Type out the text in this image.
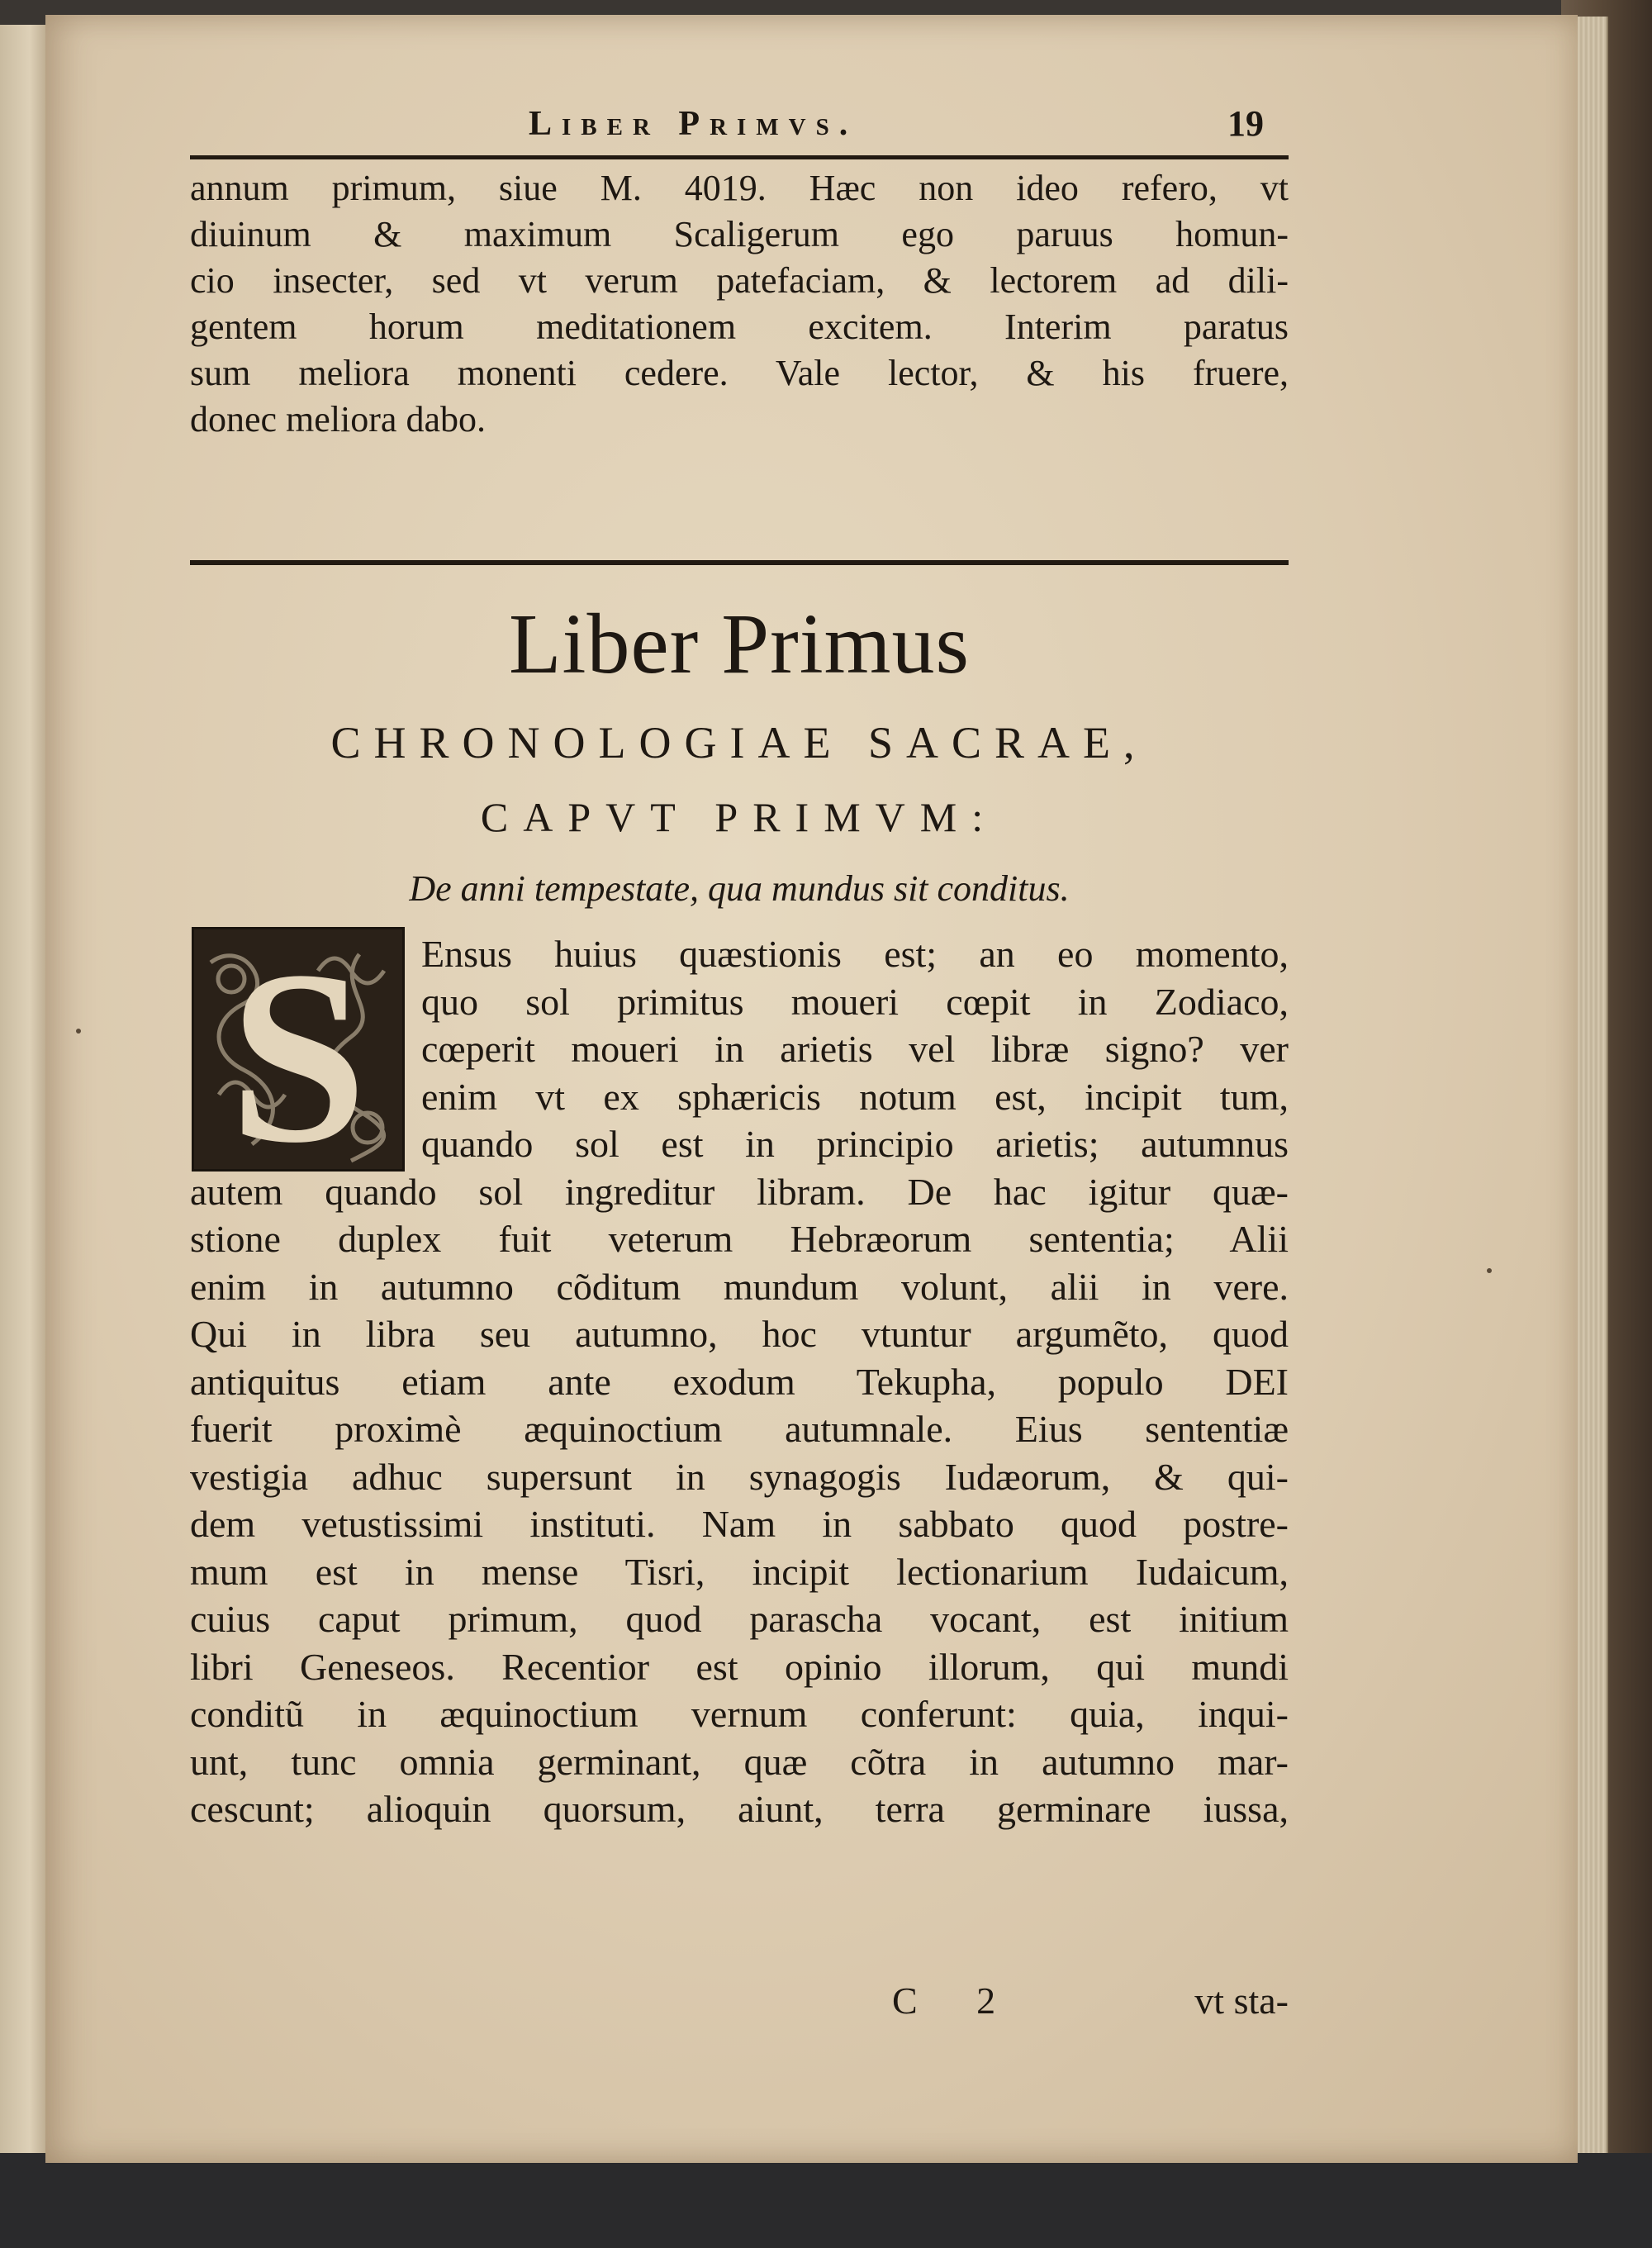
Liber Primvs.	19
annum primum, siue M. 4019. Hæc non ideo refero, vt
diuinum & maximum Scaligerum ego paruus homun-
cio insecter, sed vt verum patefaciam, & lectorem ad dili-
gentem horum meditationem excitem. Interim paratus
sum meliora monenti cedere. Vale lector, & his fruere,
donec meliora dabo.
Liber Primus
CHRONOLOGIAE SACRAE,
CAPVT PRIMVM:
De anni tempestate, qua mundus sit conditus.
S	Ensus huius quæstionis est; an eo momento,
quo sol primitus moueri cœpit in Zodiaco,
cœperit moueri in arietis vel libræ signo? ver
enim vt ex sphæricis notum est, incipit tum,
quando sol est in principio arietis; autumnus
autem quando sol ingreditur libram. De hac igitur quæ-
stione duplex fuit veterum Hebræorum sententia; Alii
enim in autumno cõditum mundum volunt, alii in vere.
Qui in libra seu autumno, hoc vtuntur argumẽto, quod
antiquitus etiam ante exodum Tekupha, populo DEI
fuerit proximè æquinoctium autumnale. Eius sententiæ
vestigia adhuc supersunt in synagogis Iudæorum, & qui-
dem vetustissimi instituti. Nam in sabbato quod postre-
mum est in mense Tisri, incipit lectionarium Iudaicum,
cuius caput primum, quod parascha vocant, est initium
libri Geneseos. Recentior est opinio illorum, qui mundi
conditũ in æquinoctium vernum conferunt: quia, inqui-
unt, tunc omnia germinant, quæ cõtra in autumno mar-
cescunt; alioquin quorsum, aiunt, terra germinare iussa,
C 2	vt sta-
